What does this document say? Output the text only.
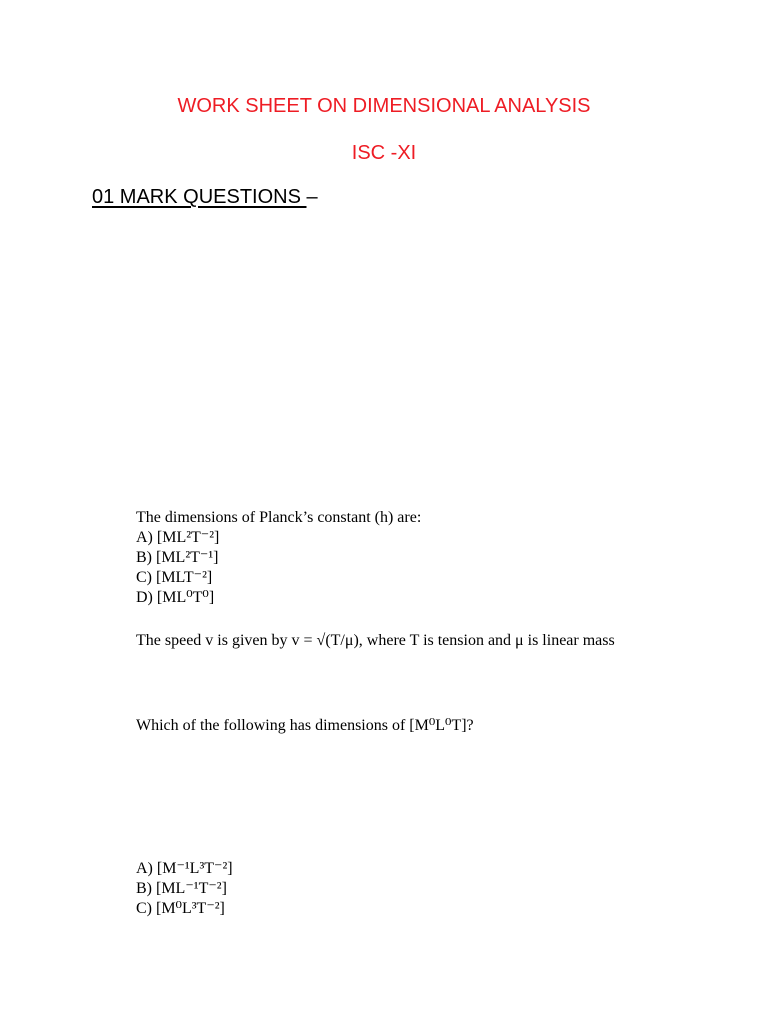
WORK SHEET ON DIMENSIONAL ANALYSIS
ISC -XI
01 MARK QUESTIONS –
The dimensions of Planck’s constant (h) are:
A) [ML²T⁻²]
B) [ML²T⁻¹]
C) [MLT⁻²]
D) [ML⁰T⁰]
The speed v is given by v = √(T/μ), where T is tension and μ is linear mass
Which of the following has dimensions of [M⁰L⁰T]?
A) [M⁻¹L³T⁻²]
B) [ML⁻¹T⁻²]
C) [M⁰L³T⁻²]
